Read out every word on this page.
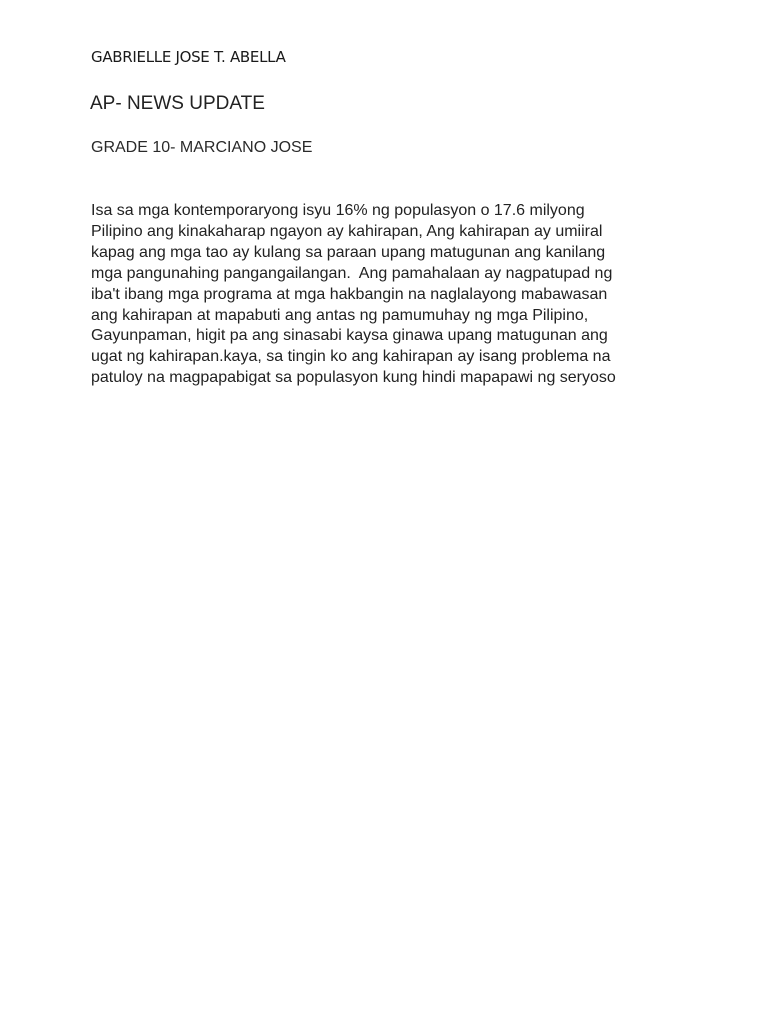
GABRIELLE JOSE T. ABELLA
AP- NEWS UPDATE
GRADE 10- MARCIANO JOSE
Isa sa mga kontemporaryong isyu 16% ng populasyon o 17.6 milyong
Pilipino ang kinakaharap ngayon ay kahirapan, Ang kahirapan ay umiiral
kapag ang mga tao ay kulang sa paraan upang matugunan ang kanilang
mga pangunahing pangangailangan.  Ang pamahalaan ay nagpatupad ng
iba't ibang mga programa at mga hakbangin na naglalayong mabawasan
ang kahirapan at mapabuti ang antas ng pamumuhay ng mga Pilipino,
Gayunpaman, higit pa ang sinasabi kaysa ginawa upang matugunan ang
ugat ng kahirapan.kaya, sa tingin ko ang kahirapan ay isang problema na
patuloy na magpapabigat sa populasyon kung hindi mapapawi ng seryoso
